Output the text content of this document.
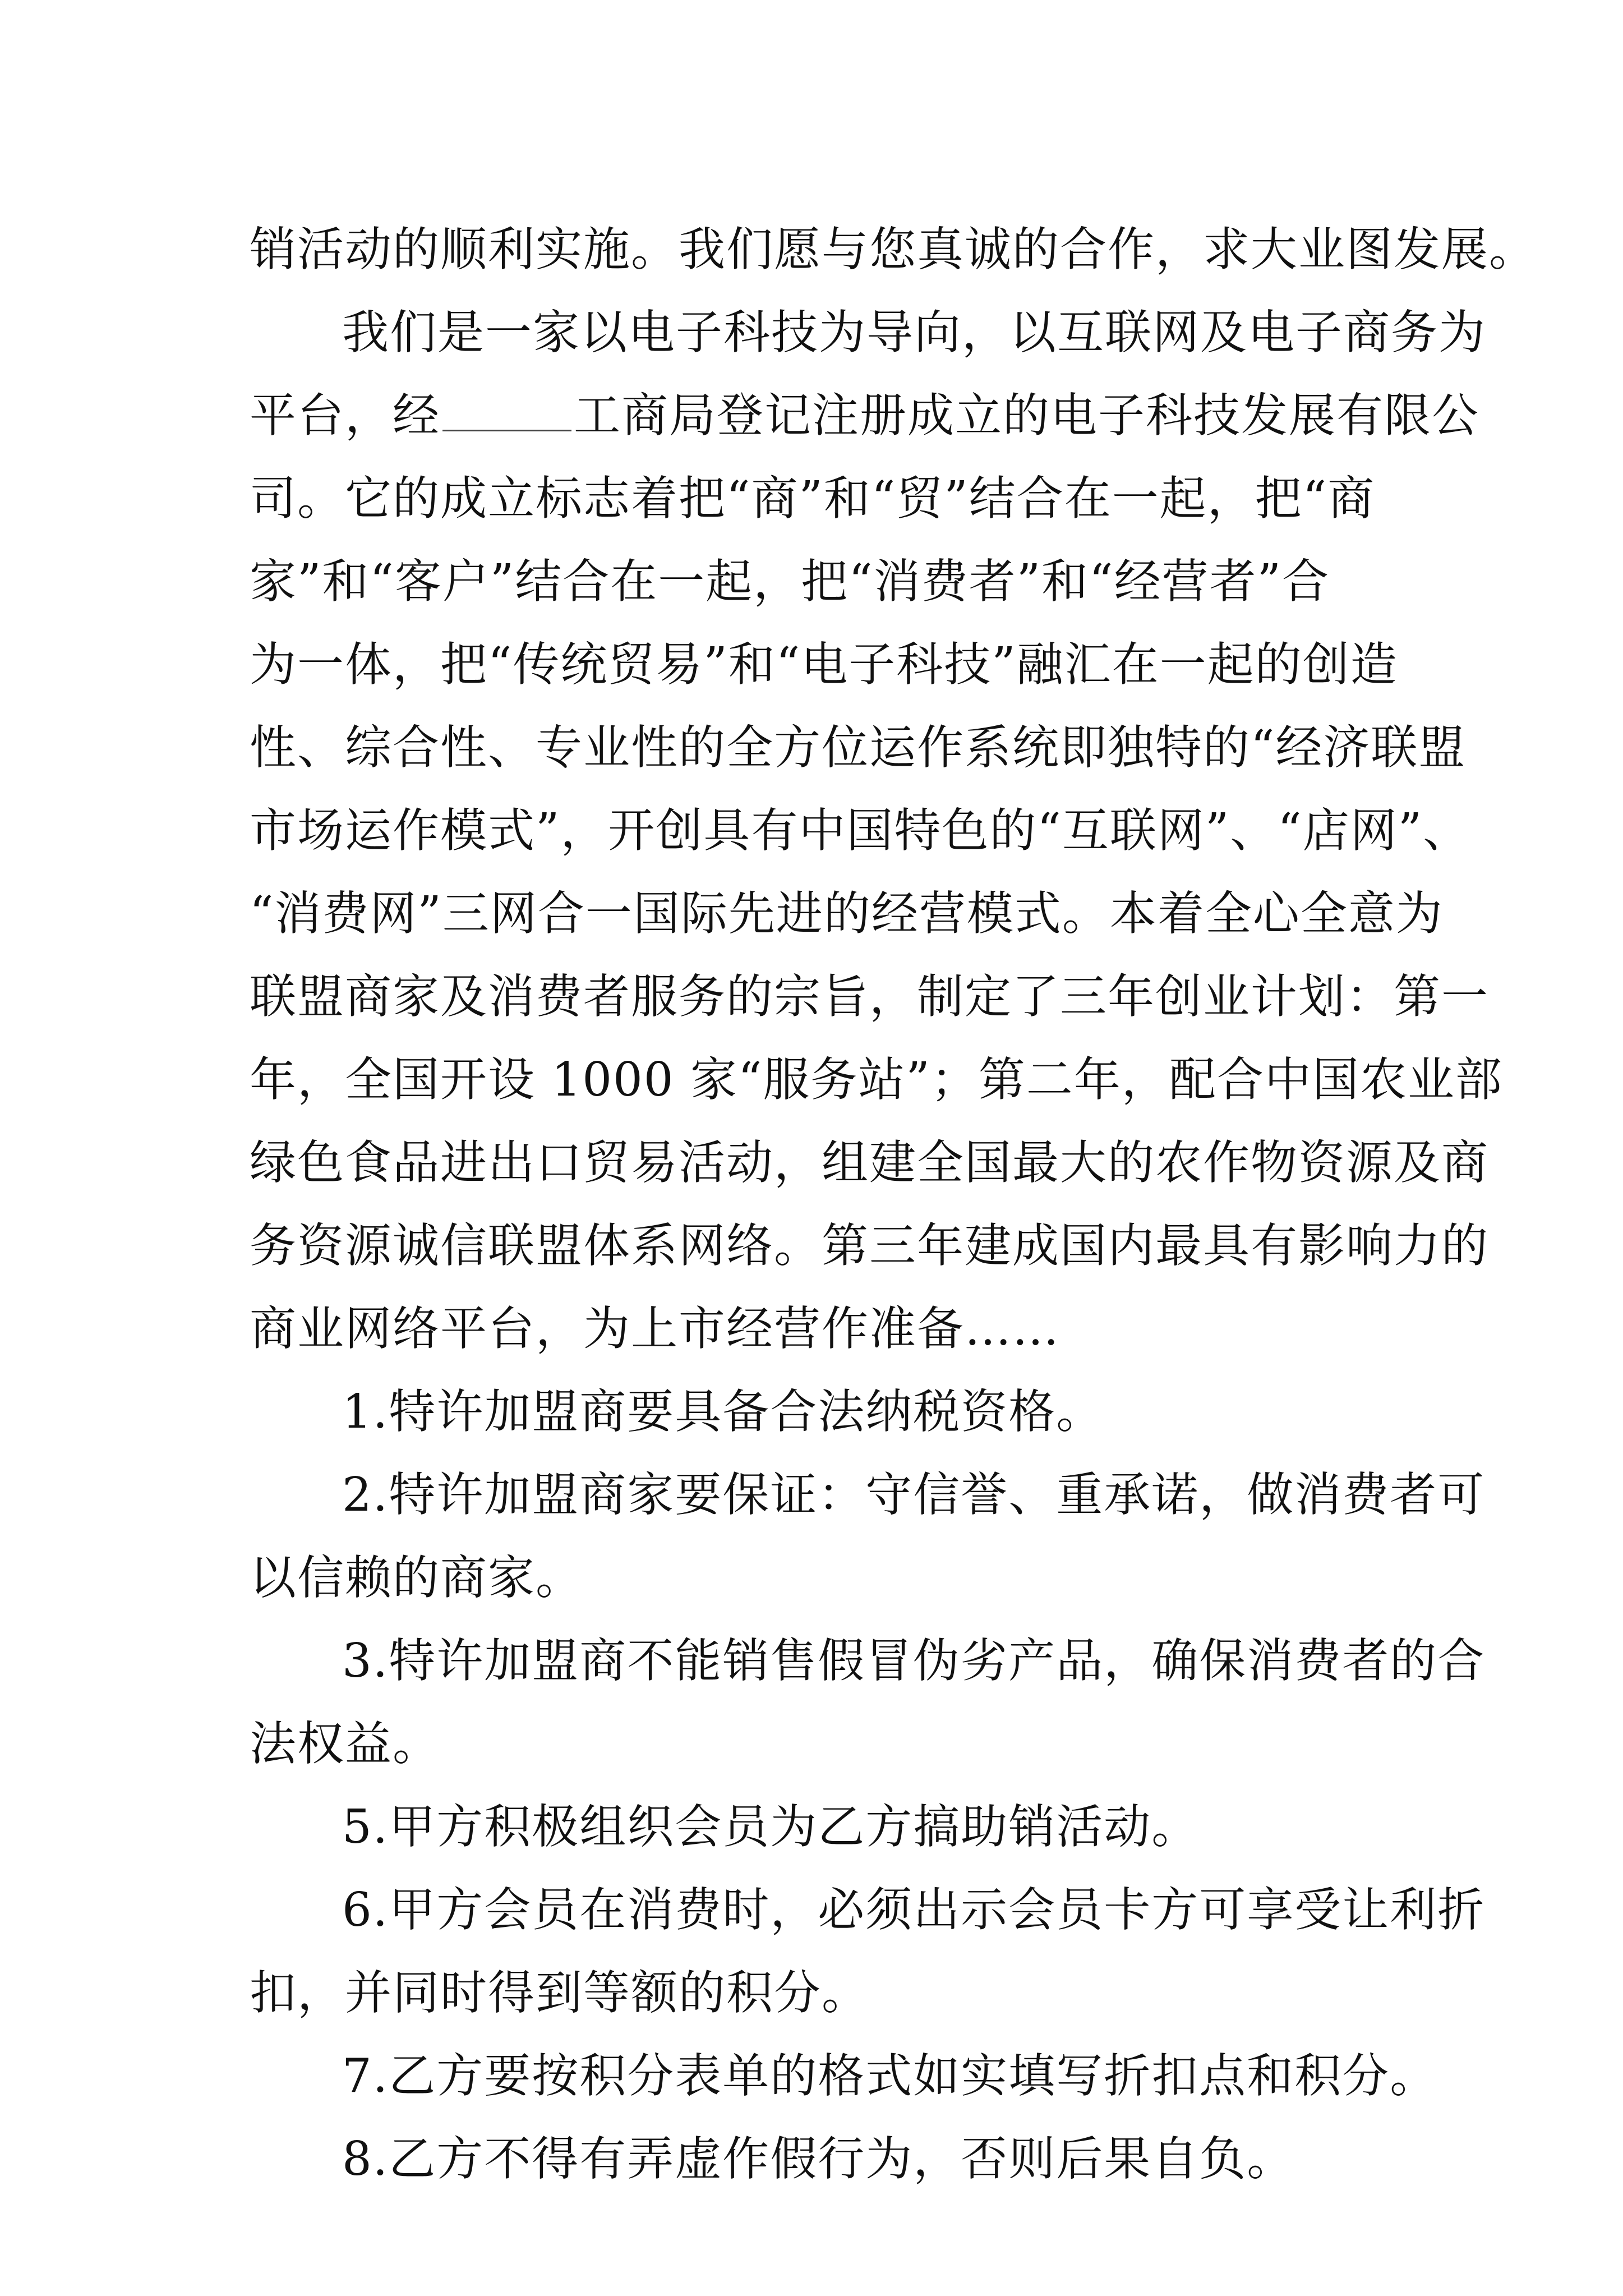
销活动的顺利实施。我们愿与您真诚的合作，求大业图发展。
我们是一家以电子科技为导向，以互联网及电子商务为
平台，经	工商局登记注册成立的电子科技发展有限公
司。它的成立标志着把“商”和“贸”结合在一起，把“商
家”和“客户”结合在一起，把“消费者”和“经营者”合
为一体，把“传统贸易”和“电子科技”融汇在一起的创造
性、综合性、专业性的全方位运作系统即独特的“经济联盟
市场运作模式”，开创具有中国特色的“互联网”、“店网”、
“消费网”三网合一国际先进的经营模式。本着全心全意为
联盟商家及消费者服务的宗旨，制定了三年创业计划：第一
年，全国开设 1000 家“服务站”；第二年，配合中国农业部
绿色食品进出口贸易活动，组建全国最大的农作物资源及商
务资源诚信联盟体系网络。第三年建成国内最具有影响力的
商业网络平台，为上市经营作准备……
1.特许加盟商要具备合法纳税资格。
2.特许加盟商家要保证：守信誉、重承诺，做消费者可
以信赖的商家。
3.特许加盟商不能销售假冒伪劣产品，确保消费者的合
法权益。
5.甲方积极组织会员为乙方搞助销活动。
6.甲方会员在消费时，必须出示会员卡方可享受让利折
扣，并同时得到等额的积分。
7.乙方要按积分表单的格式如实填写折扣点和积分。
8.乙方不得有弄虚作假行为，否则后果自负。
